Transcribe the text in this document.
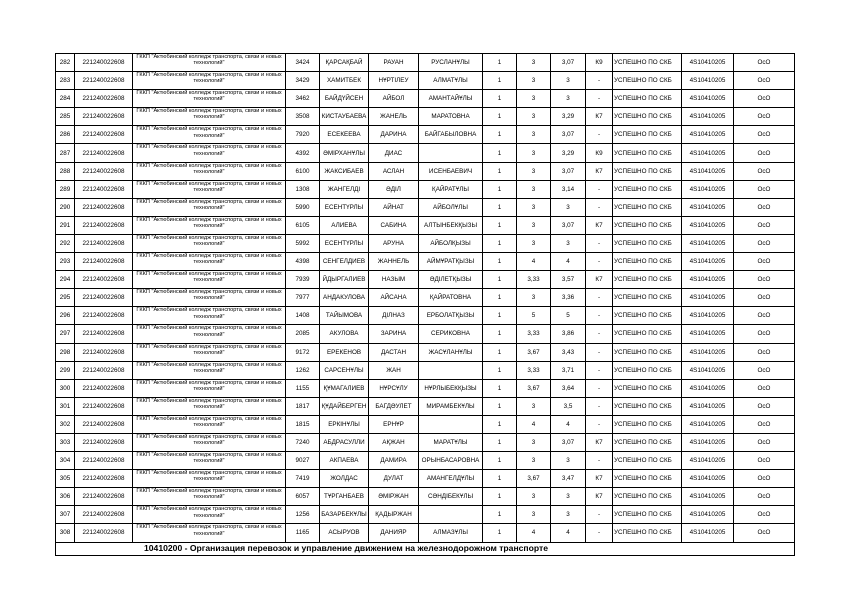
282	221240022608	ГККП "Актюбинский колледж транспорта, связи и новых технологий"	3424	ҚАРСАҚБАЙ	РАУАН	РУСЛАНҰЛЫ	1	3	3,07	К9	УСПЕШНО ПО СКБ	4S10410205	ОсО
283	221240022608	ГККП "Актюбинский колледж транспорта, связи и новых технологий"	3429	ХАМИТБЕК	НҰРТІЛЕУ	АЛМАТҰЛЫ	1	3	3	-	УСПЕШНО ПО СКБ	4S10410205	ОсО
284	221240022608	ГККП "Актюбинский колледж транспорта, связи и новых технологий"	3462	БАЙДҮЙСЕН	АЙБОЛ	АМАНТАЙҰЛЫ	1	3	3	-	УСПЕШНО ПО СКБ	4S10410205	ОсО
285	221240022608	ГККП "Актюбинский колледж транспорта, связи и новых технологий"	3508	КИСТАУБАЕВА	ЖАНЕЛЬ	МАРАТОВНА	1	3	3,29	К7	УСПЕШНО ПО СКБ	4S10410205	ОсО
286	221240022608	ГККП "Актюбинский колледж транспорта, связи и новых технологий"	7920	ЕСЕКЕЕВА	ДАРИНА	БАЙГАБЫЛОВНА	1	3	3,07	-	УСПЕШНО ПО СКБ	4S10410205	ОсО
287	221240022608	ГККП "Актюбинский колледж транспорта, связи и новых технологий"	4392	ӘМІРХАНҰЛЫ	ДИАС		1	3	3,29	К9	УСПЕШНО ПО СКБ	4S10410205	ОсО
288	221240022608	ГККП "Актюбинский колледж транспорта, связи и новых технологий"	6100	ЖАКСИБАЕВ	АСЛАН	ИСЕНБАЕВИЧ	1	3	3,07	К7	УСПЕШНО ПО СКБ	4S10410205	ОсО
289	221240022608	ГККП "Актюбинский колледж транспорта, связи и новых технологий"	1308	ЖАНГЕЛДІ	ӘДІЛ	ҚАЙРАТҰЛЫ	1	3	3,14	-	УСПЕШНО ПО СКБ	4S10410205	ОсО
290	221240022608	ГККП "Актюбинский колледж транспорта, связи и новых технологий"	5990	ЕСЕНТҮРЛЫ	АЙНАТ	АЙБОЛҰЛЫ	1	3	3	-	УСПЕШНО ПО СКБ	4S10410205	ОсО
291	221240022608	ГККП "Актюбинский колледж транспорта, связи и новых технологий"	6105	АЛИЕВА	САБИНА	АЛТЫНБЕКҚЫЗЫ	1	3	3,07	К7	УСПЕШНО ПО СКБ	4S10410205	ОсО
292	221240022608	ГККП "Актюбинский колледж транспорта, связи и новых технологий"	5992	ЕСЕНТҮРЛЫ	АРУНА	АЙБОЛҚЫЗЫ	1	3	3	-	УСПЕШНО ПО СКБ	4S10410205	ОсО
293	221240022608	ГККП "Актюбинский колледж транспорта, связи и новых технологий"	4398	СЕНГЕЛДИЕВ	ЖАННЕЛЬ	АЙМҰРАТҚЫЗЫ	1	4	4	-	УСПЕШНО ПО СКБ	4S10410205	ОсО
294	221240022608	ГККП "Актюбинский колледж транспорта, связи и новых технологий"	7939	ЙДЫРГАЛИЕВ	НАЗЫМ	ӘДІЛЕТҚЫЗЫ	1	3,33	3,57	К7	УСПЕШНО ПО СКБ	4S10410205	ОсО
295	221240022608	ГККП "Актюбинский колледж транспорта, связи и новых технологий"	7977	АНДАКУЛОВА	АЙСАНА	ҚАЙРАТОВНА	1	3	3,36	-	УСПЕШНО ПО СКБ	4S10410205	ОсО
296	221240022608	ГККП "Актюбинский колледж транспорта, связи и новых технологий"	1408	ТАЙЫМОВА	ДІЛНАЗ	ЕРБОЛАТҚЫЗЫ	1	5	5	-	УСПЕШНО ПО СКБ	4S10410205	ОсО
297	221240022608	ГККП "Актюбинский колледж транспорта, связи и новых технологий"	2085	АКУЛОВА	ЗАРИНА	СЕРИКОВНА	1	3,33	3,86	-	УСПЕШНО ПО СКБ	4S10410205	ОсО
298	221240022608	ГККП "Актюбинский колледж транспорта, связи и новых технологий"	9172	ЕРЕКЕНОВ	ДАСТАН	ЖАСҰЛАНҰЛЫ	1	3,67	3,43	-	УСПЕШНО ПО СКБ	4S10410205	ОсО
299	221240022608	ГККП "Актюбинский колледж транспорта, связи и новых технологий"	1262	САРСЕНҰЛЫ	ЖАН		1	3,33	3,71	-	УСПЕШНО ПО СКБ	4S10410205	ОсО
300	221240022608	ГККП "Актюбинский колледж транспорта, связи и новых технологий"	1155	ҚҰМАГАЛИЕВ	НҰРСҰЛУ	НҰРЛЫБЕКҚЫЗЫ	1	3,67	3,64	-	УСПЕШНО ПО СКБ	4S10410205	ОсО
301	221240022608	ГККП "Актюбинский колледж транспорта, связи и новых технологий"	1817	ҚҰДАЙБЕРГЕН	БАГДӘУЛЕТ	МИРАМБЕКҰЛЫ	1	3	3,5	-	УСПЕШНО ПО СКБ	4S10410205	ОсО
302	221240022608	ГККП "Актюбинский колледж транспорта, связи и новых технологий"	1815	ЕРКІНҰЛЫ	ЕРНҰР		1	4	4	-	УСПЕШНО ПО СКБ	4S10410205	ОсО
303	221240022608	ГККП "Актюбинский колледж транспорта, связи и новых технологий"	7240	АБДРАСУЛЛИ	АҚЖАН	МАРАТҰЛЫ	1	3	3,07	К7	УСПЕШНО ПО СКБ	4S10410205	ОсО
304	221240022608	ГККП "Актюбинский колледж транспорта, связи и новых технологий"	9027	АКПАЕВА	ДАМИРА	ОРЫНБАСАРОВНА	1	3	3	-	УСПЕШНО ПО СКБ	4S10410205	ОсО
305	221240022608	ГККП "Актюбинский колледж транспорта, связи и новых технологий"	7419	ЖОЛДАС	ДУЛАТ	АМАНГЕЛДҰЛЫ	1	3,67	3,47	К7	УСПЕШНО ПО СКБ	4S10410205	ОсО
306	221240022608	ГККП "Актюбинский колледж транспорта, связи и новых технологий"	6057	ТҰРГАНБАЕВ	ӘМІРЖАН	СӘНДІБЕКҰЛЫ	1	3	3	К7	УСПЕШНО ПО СКБ	4S10410205	ОсО
307	221240022608	ГККП "Актюбинский колледж транспорта, связи и новых технологий"	1256	БАЗАРБЕКҰЛЫ	ҚАДЫРЖАН		1	3	3	-	УСПЕШНО ПО СКБ	4S10410205	ОсО
308	221240022608	ГККП "Актюбинский колледж транспорта, связи и новых технологий"	1165	АСЫРУОВ	ДАНИЯР	АЛМАЗҰЛЫ	1	4	4	-	УСПЕШНО ПО СКБ	4S10410205	ОсО
10410200 - Организация перевозок и управление движением на железнодорожном транспорте													
